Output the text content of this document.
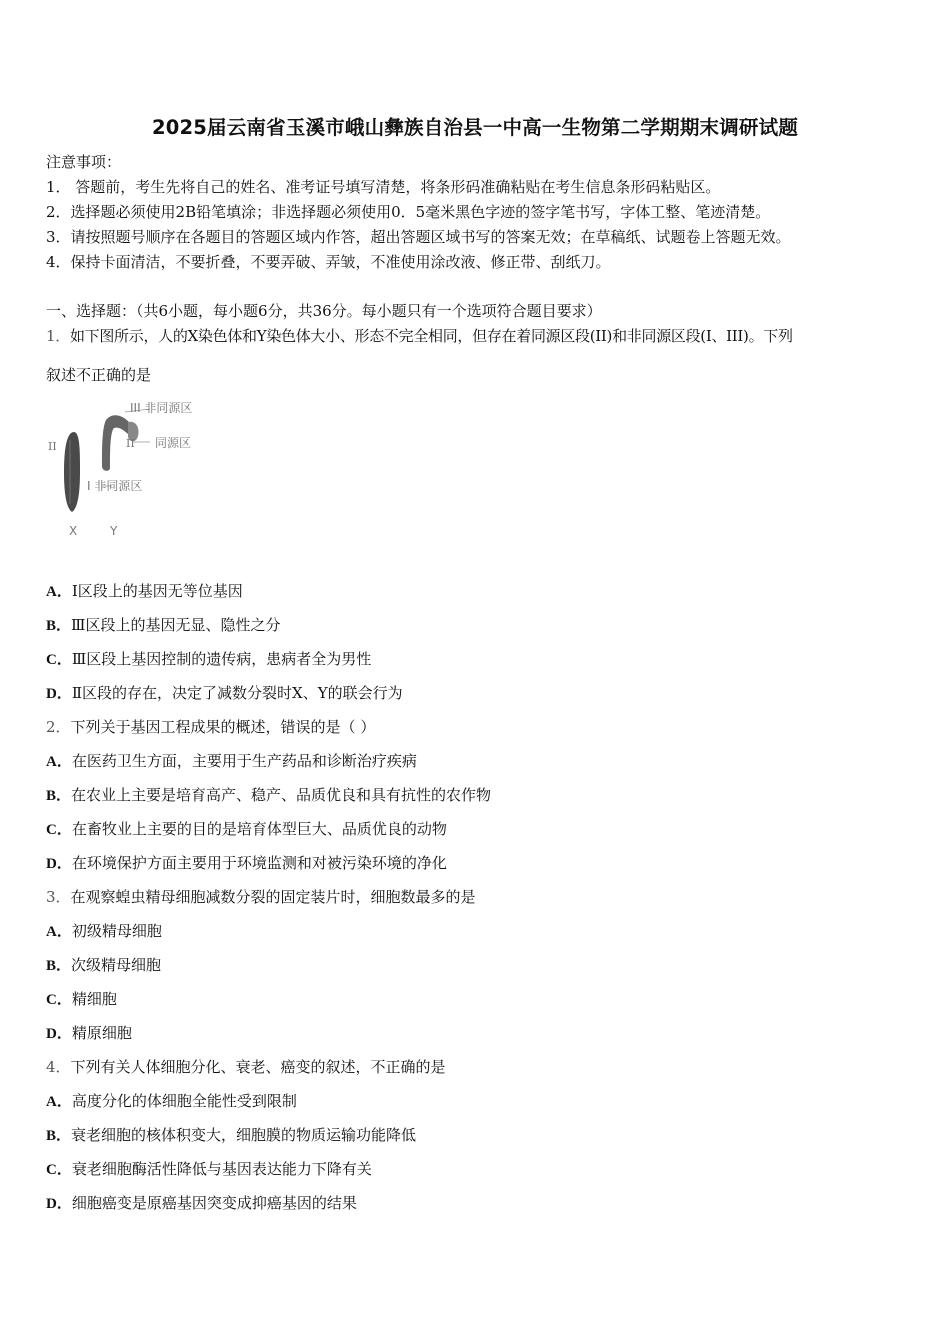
2025届云南省玉溪市峨山彝族自治县一中高一生物第二学期期末调研试题
注意事项：
1． 答题前，考生先将自己的姓名、准考证号填写清楚，将条形码准确粘贴在考生信息条形码粘贴区。
2．选择题必须使用2B铅笔填涂；非选择题必须使用0．5毫米黑色字迹的签字笔书写，字体工整、笔迹清楚。
3．请按照题号顺序在各题目的答题区域内作答，超出答题区域书写的答案无效；在草稿纸、试题卷上答题无效。
4．保持卡面清洁，不要折叠，不要弄破、弄皱，不准使用涂改液、修正带、刮纸刀。
一、选择题：（共6小题，每小题6分，共36分。每小题只有一个选项符合题目要求）
1．如下图所示，人的X染色体和Y染色体大小、形态不完全相同，但存在着同源区段(II)和非同源区段(I、III)。下列
叙述不正确的是
III 非同源区
II 同源区
II
I 非同源区
X	Y
A．Ⅰ区段上的基因无等位基因
B．Ⅲ区段上的基因无显、隐性之分
C．Ⅲ区段上基因控制的遗传病，患病者全为男性
D．Ⅱ区段的存在，决定了减数分裂时X、Y的联会行为
2．下列关于基因工程成果的概述，错误的是（ ）
A．在医药卫生方面，主要用于生产药品和诊断治疗疾病
B．在农业上主要是培育高产、稳产、品质优良和具有抗性的农作物
C．在畜牧业上主要的目的是培育体型巨大、品质优良的动物
D．在环境保护方面主要用于环境监测和对被污染环境的净化
3．在观察蝗虫精母细胞减数分裂的固定装片时，细胞数最多的是
A．初级精母细胞
B．次级精母细胞
C．精细胞
D．精原细胞
4．下列有关人体细胞分化、衰老、癌变的叙述，不正确的是
A．高度分化的体细胞全能性受到限制
B．衰老细胞的核体积变大，细胞膜的物质运输功能降低
C．衰老细胞酶活性降低与基因表达能力下降有关
D．细胞癌变是原癌基因突变成抑癌基因的结果
